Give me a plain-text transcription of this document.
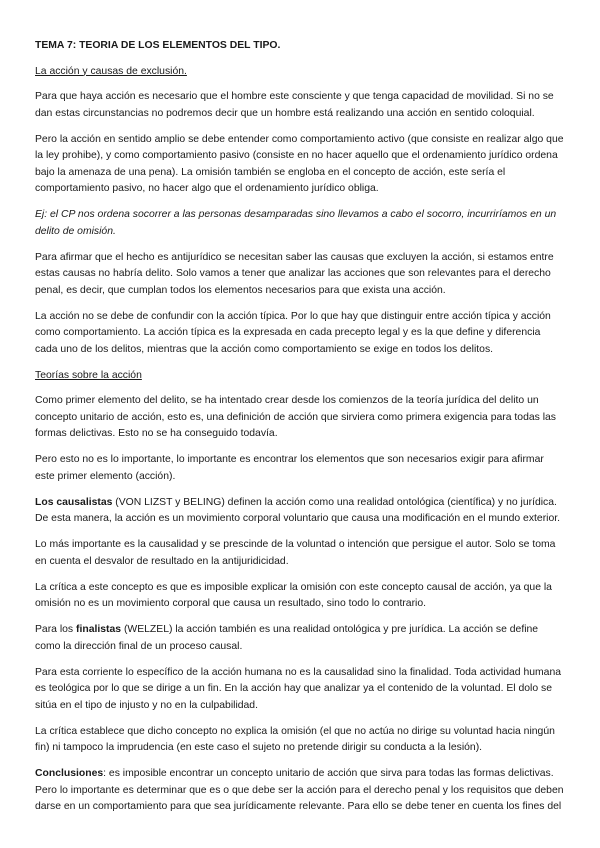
TEMA 7: TEORIA DE LOS ELEMENTOS DEL TIPO.
La acción y causas de exclusión.

Para que haya acción es necesario que el hombre este consciente y que tenga capacidad de movilidad. Si no se dan estas circunstancias no podremos decir que un hombre está realizando una acción en sentido coloquial.

Pero la acción en sentido amplio se debe entender como comportamiento activo (que consiste en realizar algo que la ley prohibe), y como comportamiento pasivo (consiste en no hacer aquello que el ordenamiento jurídico ordena bajo la amenaza de una pena). La omisión también se engloba en el concepto de acción, este sería el comportamiento pasivo, no hacer algo que el ordenamiento jurídico obliga.

Ej: el CP nos ordena socorrer a las personas desamparadas sino llevamos a cabo el socorro, incurriríamos en un delito de omisión.

Para afirmar que el hecho es antijurídico se necesitan saber las causas que excluyen la acción, si estamos entre estas causas no habría delito. Solo vamos a tener que analizar las acciones que son relevantes para el derecho penal, es decir, que cumplan todos los elementos necesarios para que exista una acción.

La acción no se debe de confundir con la acción típica. Por lo que hay que distinguir entre acción típica y acción como comportamiento. La acción típica es la expresada en cada precepto legal y es la que define y diferencia cada uno de los delitos, mientras que la acción como comportamiento se exige en todos los delitos.

Teorías sobre la acción

Como primer elemento del delito, se ha intentado crear desde los comienzos de la teoría jurídica del delito un concepto unitario de acción, esto es, una definición de acción que sirviera como primera exigencia para todas las formas delictivas. Esto no se ha conseguido todavía.

Pero esto no es lo importante, lo importante es encontrar los elementos que son necesarios exigir para afirmar este primer elemento (acción).

Los causalistas (VON LIZST y BELING) definen la acción como una realidad ontológica (científica) y no jurídica. De esta manera, la acción es un movimiento corporal voluntario que causa una modificación en el mundo exterior.

Lo más importante es la causalidad y se prescinde de la voluntad o intención que persigue el autor. Solo se toma en cuenta el desvalor de resultado en la antijuridicidad.

La crítica a este concepto es que es imposible explicar la omisión con este concepto causal de acción, ya que la omisión no es un movimiento corporal que causa un resultado, sino todo lo contrario.

Para los finalistas (WELZEL) la acción también es una realidad ontológica y pre jurídica. La acción se define como la dirección final de un proceso causal.

Para esta corriente lo específico de la acción humana no es la causalidad sino la finalidad. Toda actividad humana es teológica por lo que se dirige a un fin. En la acción hay que analizar ya el contenido de la voluntad. El dolo se sitúa en el tipo de injusto y no en la culpabilidad.

La crítica establece que dicho concepto no explica la omisión (el que no actúa no dirige su voluntad hacia ningún fin) ni tampoco la imprudencia (en este caso el sujeto no pretende dirigir su conducta a la lesión).

Conclusiones: es imposible encontrar un concepto unitario de acción que sirva para todas las formas delictivas. Pero lo importante es determinar que es o que debe ser la acción para el derecho penal y los requisitos que deben darse en un comportamiento para que sea jurídicamente relevante. Para ello se debe tener en cuenta los fines del
